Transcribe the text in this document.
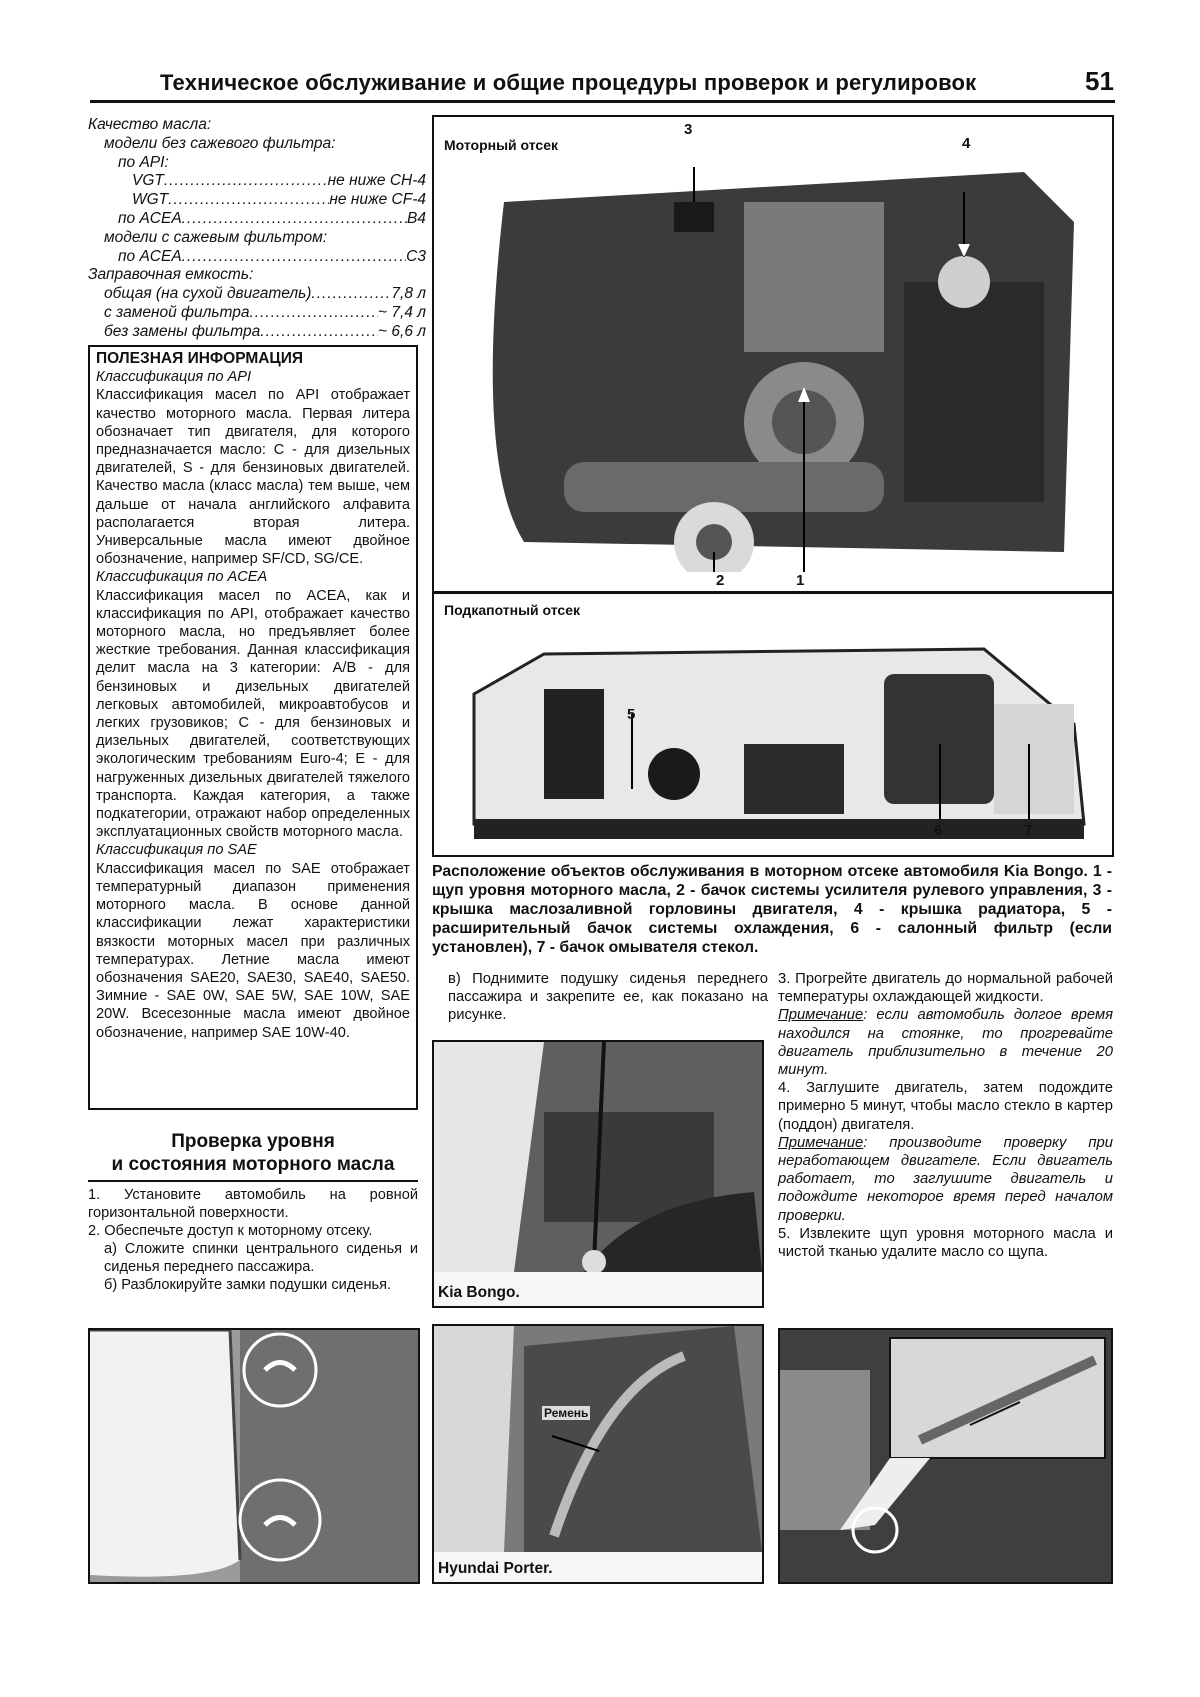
Техническое обслуживание и общие процедуры проверок и регулировок	51
Качество масла:
модели без сажевого фильтра:
по API:
VGT .....	не ниже CH-4
WGT .....	не ниже CF-4
по ACEA .....	B4
модели с сажевым фильтром:
по ACEA .....	C3
Заправочная емкость:
общая (на сухой двигатель) .....	7,8 л
с заменой фильтра .....	~ 7,4 л
без замены фильтра .....	~ 6,6 л
ПОЛЕЗНАЯ ИНФОРМАЦИЯ
Классификация по API

Классификация масел по API отображает качество моторного масла. Первая литера обозначает тип двигателя, для которого предназначается масло: С - для дизельных двигателей, S - для бензиновых двигателей. Качество масла (класс масла) тем выше, чем дальше от начала английского алфавита располагается вторая литера. Универсальные масла имеют двойное обозначение, например SF/CD, SG/CE.

Классификация по ACEA

Классификация масел по ACEA, как и классификация по API, отображает качество моторного масла, но предъявляет более жесткие требования. Данная классификация делит масла на 3 категории: A/B - для бензиновых и дизельных двигателей легковых автомобилей, микроавтобусов и легких грузовиков; C - для бензиновых и дизельных двигателей, соответствующих экологическим требованиям Euro-4; E - для нагруженных дизельных двигателей тяжелого транспорта. Каждая категория, а также подкатегории, отражают набор определенных эксплуатационных свойств моторного масла.

Классификация по SAE

Классификация масел по SAE отображает температурный диапазон применения моторного масла. В основе данной классификации лежат характеристики вязкости моторных масел при различных температурах. Летние масла имеют обозначения SAE20, SAE30, SAE40, SAE50. Зимние - SAE 0W, SAE 5W, SAE 10W, SAE 20W. Всесезонные масла имеют двойное обозначение, например SAE 10W-40.

Проверка уровня
и состояния моторного масла

1. Установите автомобиль на ровной горизонтальной поверхности.

2. Обеспечьте доступ к моторному отсеку.

а) Сложите спинки центрального сиденья и сиденья переднего пассажира.

б) Разблокируйте замки подушки сиденья.

Моторный отсек
3
4
2	1
Подкапотный отсек
5
6	7
Расположение объектов обслуживания в моторном отсеке автомобиля Kia Bongo. 1 - щуп уровня моторного масла, 2 - бачок системы усилителя рулевого управления, 3 - крышка маслозаливной горловины двигателя, 4 - крышка радиатора, 5 - расширительный бачок системы охлаждения, 6 - салонный фильтр (если установлен), 7 - бачок омывателя стекол.
в) Поднимите подушку сиденья переднего пассажира и закрепите ее, как показано на рисунке.
Kia Bongo.
Ремень
Hyundai Porter.

3. Прогрейте двигатель до нормальной рабочей температуры охлаждающей жидкости.

Примечание: если автомобиль долгое время находился на стоянке, то прогревайте двигатель приблизительно в течение 20 минут.

4. Заглушите двигатель, затем подождите примерно 5 минут, чтобы масло стекло в картер (поддон) двигателя.

Примечание: производите проверку при неработающем двигателе. Если двигатель работает, то заглушите двигатель и подождите некоторое время перед началом проверки.

5. Извлеките щуп уровня моторного масла и чистой тканью удалите масло со щупа.
